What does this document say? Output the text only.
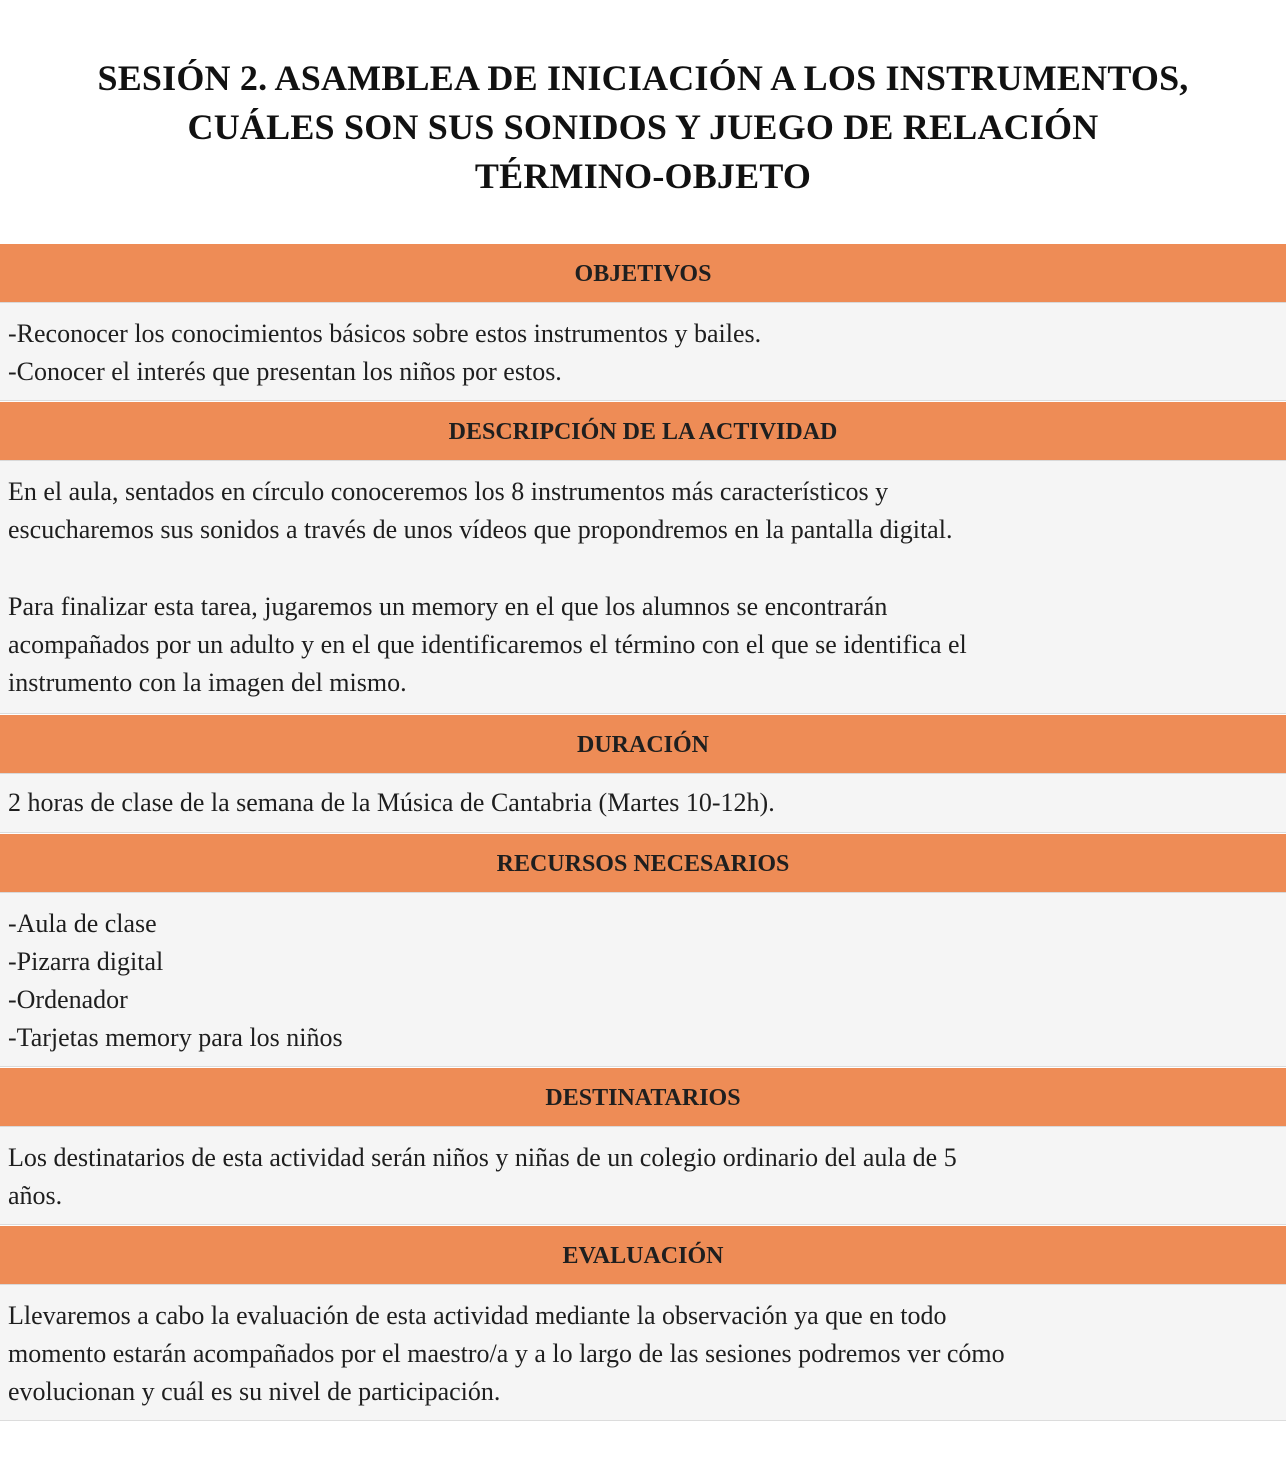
SESIÓN 2. ASAMBLEA DE INICIACIÓN A LOS INSTRUMENTOS,
CUÁLES SON SUS SONIDOS Y JUEGO DE RELACIÓN
TÉRMINO-OBJETO
OBJETIVOS

-Reconocer los conocimientos básicos sobre estos instrumentos y bailes.

-Conocer el interés que presentan los niños por estos.

DESCRIPCIÓN DE LA ACTIVIDAD

En el aula, sentados en círculo conoceremos los 8 instrumentos más característicos y

escucharemos sus sonidos a través de unos vídeos que propondremos en la pantalla digital.

Para finalizar esta tarea, jugaremos un memory en el que los alumnos se encontrarán

acompañados por un adulto y en el que identificaremos el término con el que se identifica el

instrumento con la imagen del mismo.

DURACIÓN

2 horas de clase de la semana de la Música de Cantabria (Martes 10-12h).

RECURSOS NECESARIOS

-Aula de clase

-Pizarra digital

-Ordenador

-Tarjetas memory para los niños

DESTINATARIOS

Los destinatarios de esta actividad serán niños y niñas de un colegio ordinario del aula de 5

años.

EVALUACIÓN

Llevaremos a cabo la evaluación de esta actividad mediante la observación ya que en todo

momento estarán acompañados por el maestro/a y a lo largo de las sesiones podremos ver cómo

evolucionan y cuál es su nivel de participación.
